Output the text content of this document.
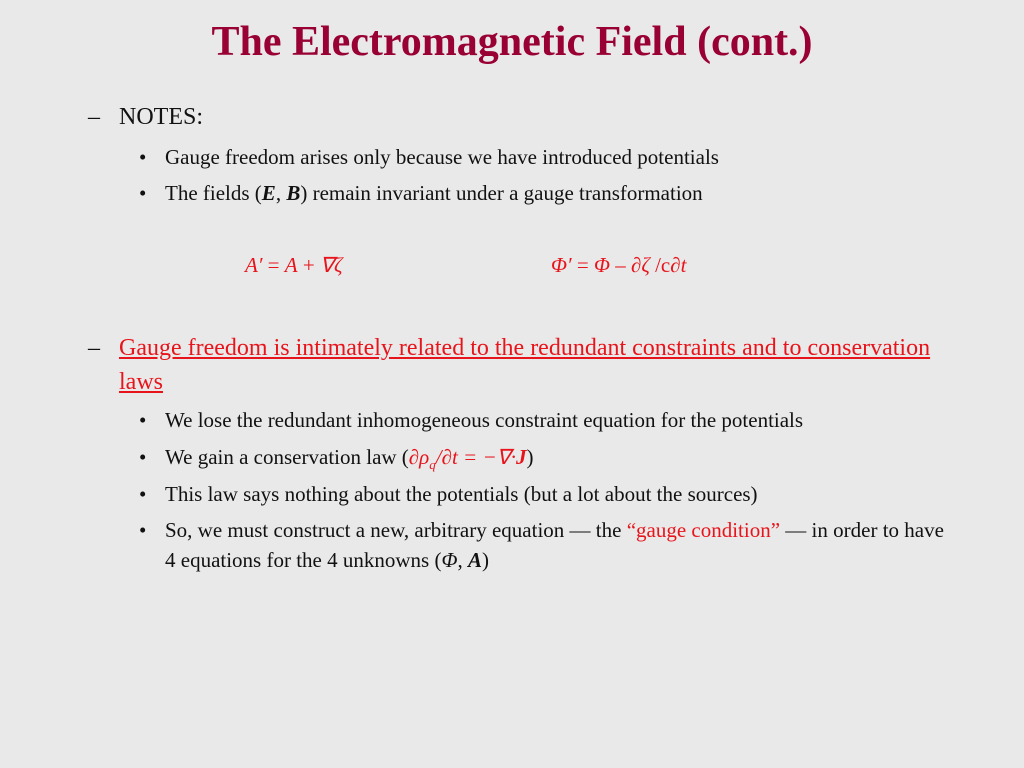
The Electromagnetic Field (cont.)
– NOTES:
• Gauge freedom arises only because we have introduced potentials
• The fields (E, B) remain invariant under a gauge transformation
A′ = A + ∇ζ	Φ′ = Φ – ∂ζ /c∂t
– Gauge freedom is intimately related to the redundant constraints and to conservation laws
• We lose the redundant inhomogeneous constraint equation for the potentials
• We gain a conservation law $(\partial\rho_q/\partial t = -\nabla\cdot J)$
• This law says nothing about the potentials (but a lot about the sources)
• So, we must construct a new, arbitrary equation — the “gauge condition” — in order to have 4 equations for the 4 unknowns (Φ, A)
